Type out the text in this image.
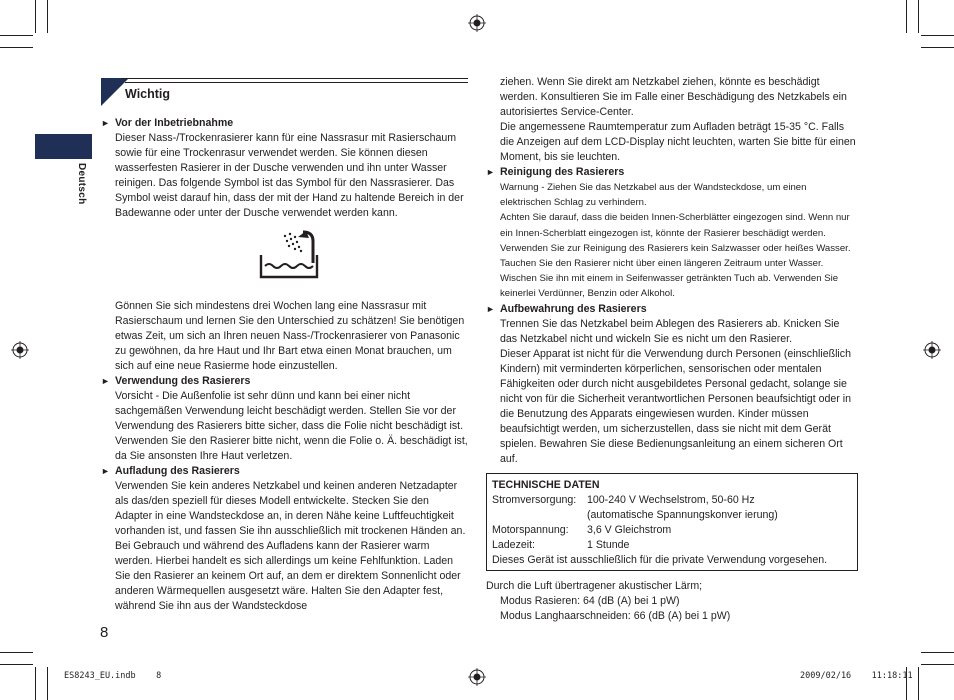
Deutsch
Wichtig

► Vor der Inbetriebnahme

Dieser Nass-/Trockenrasierer kann für eine Nassrasur mit Rasierschaum sowie für eine Trockenrasur verwendet werden. Sie können diesen wasserfesten Rasierer in der Dusche verwenden und ihn unter Wasser reinigen. Das folgende Symbol ist das Symbol für den Nassrasierer. Das Symbol weist darauf hin, dass der mit der Hand zu haltende Bereich in der Badewanne oder unter der Dusche verwendet werden kann.

Gönnen Sie sich mindestens drei Wochen lang eine Nassrasur mit Rasierschaum und lernen Sie den Unterschied zu schätzen! Sie benötigen etwas Zeit, um sich an Ihren neuen Nass-/Trockenrasierer von Panasonic zu gewöhnen, da hre Haut und Ihr Bart etwa einen Monat brauchen, um sich auf eine neue Rasierme hode einzustellen.

► Verwendung des Rasierers

Vorsicht - Die Außenfolie ist sehr dünn und kann bei einer nicht sachgemäßen Verwendung leicht beschädigt werden. Stellen Sie vor der Verwendung des Rasierers bitte sicher, dass die Folie nicht beschädigt ist. Verwenden Sie den Rasierer bitte nicht, wenn die Folie o. Ä. beschädigt ist, da Sie ansonsten Ihre Haut verletzen.

► Aufladung des Rasierers

Verwenden Sie kein anderes Netzkabel und keinen anderen Netzadapter als das/den speziell für dieses Modell entwickelte. Stecken Sie den Adapter in eine Wandsteckdose an, in deren Nähe keine Luftfeuchtigkeit vorhanden ist, und fassen Sie ihn ausschließlich mit trockenen Händen an. Bei Gebrauch und während des Aufladens kann der Rasierer warm werden. Hierbei handelt es sich allerdings um keine Fehlfunktion. Laden Sie den Rasierer an keinem Ort auf, an dem er direktem Sonnenlicht oder anderen Wärmequellen ausgesetzt wäre. Halten Sie den Adapter fest, während Sie ihn aus der Wandsteckdose

ziehen. Wenn Sie direkt am Netzkabel ziehen, könnte es beschädigt werden. Konsultieren Sie im Falle einer Beschädigung des Netzkabels ein autorisiertes Service-Center.

Die angemessene Raumtemperatur zum Aufladen beträgt 15-35 °C. Falls die Anzeigen auf dem LCD-Display nicht leuchten, warten Sie bitte für einen Moment, bis sie leuchten.

► Reinigung des Rasierers

Warnung - Ziehen Sie das Netzkabel aus der Wandsteckdose, um einen elektrischen Schlag zu verhindern.

Achten Sie darauf, dass die beiden Innen-Scherblätter eingezogen sind. Wenn nur ein Innen-Scherblatt eingezogen ist, könnte der Rasierer beschädigt werden. Verwenden Sie zur Reinigung des Rasierers kein Salzwasser oder heißes Wasser. Tauchen Sie den Rasierer nicht über einen längeren Zeitraum unter Wasser. Wischen Sie ihn mit einem in Seifenwasser getränkten Tuch ab. Verwenden Sie keinerlei Verdünner, Benzin oder Alkohol.

► Aufbewahrung des Rasierers

Trennen Sie das Netzkabel beim Ablegen des Rasierers ab. Knicken Sie das Netzkabel nicht und wickeln Sie es nicht um den Rasierer.

Dieser Apparat ist nicht für die Verwendung durch Personen (einschließlich Kindern) mit verminderten körperlichen, sensorischen oder mentalen Fähigkeiten oder durch nicht ausgebildetes Personal gedacht, solange sie nicht von für die Sicherheit verantwortlichen Personen beaufsichtigt oder in die Benutzung des Apparats eingewiesen wurden. Kinder müssen beaufsichtigt werden, um sicherzustellen, dass sie nicht mit dem Gerät spielen. Bewahren Sie diese Bedienungsanleitung an einem sicheren Ort auf.

TECHNISCHE DATEN
Stromversorgung:	100-240 V Wechselstrom, 50-60 Hz
(automatische Spannungskonver ierung)
Motorspannung:	3,6 V Gleichstrom
Ladezeit:	1 Stunde
Dieses Gerät ist ausschließlich für die private Verwendung vorgesehen.

Durch die Luft übertragener akustischer Lärm;

Modus Rasieren: 64 (dB (A) bei 1 pW)

Modus Langhaarschneiden: 66 (dB (A) bei 1 pW)

8
ES8243_EU.indb 8	2009/02/16 11:18:11
